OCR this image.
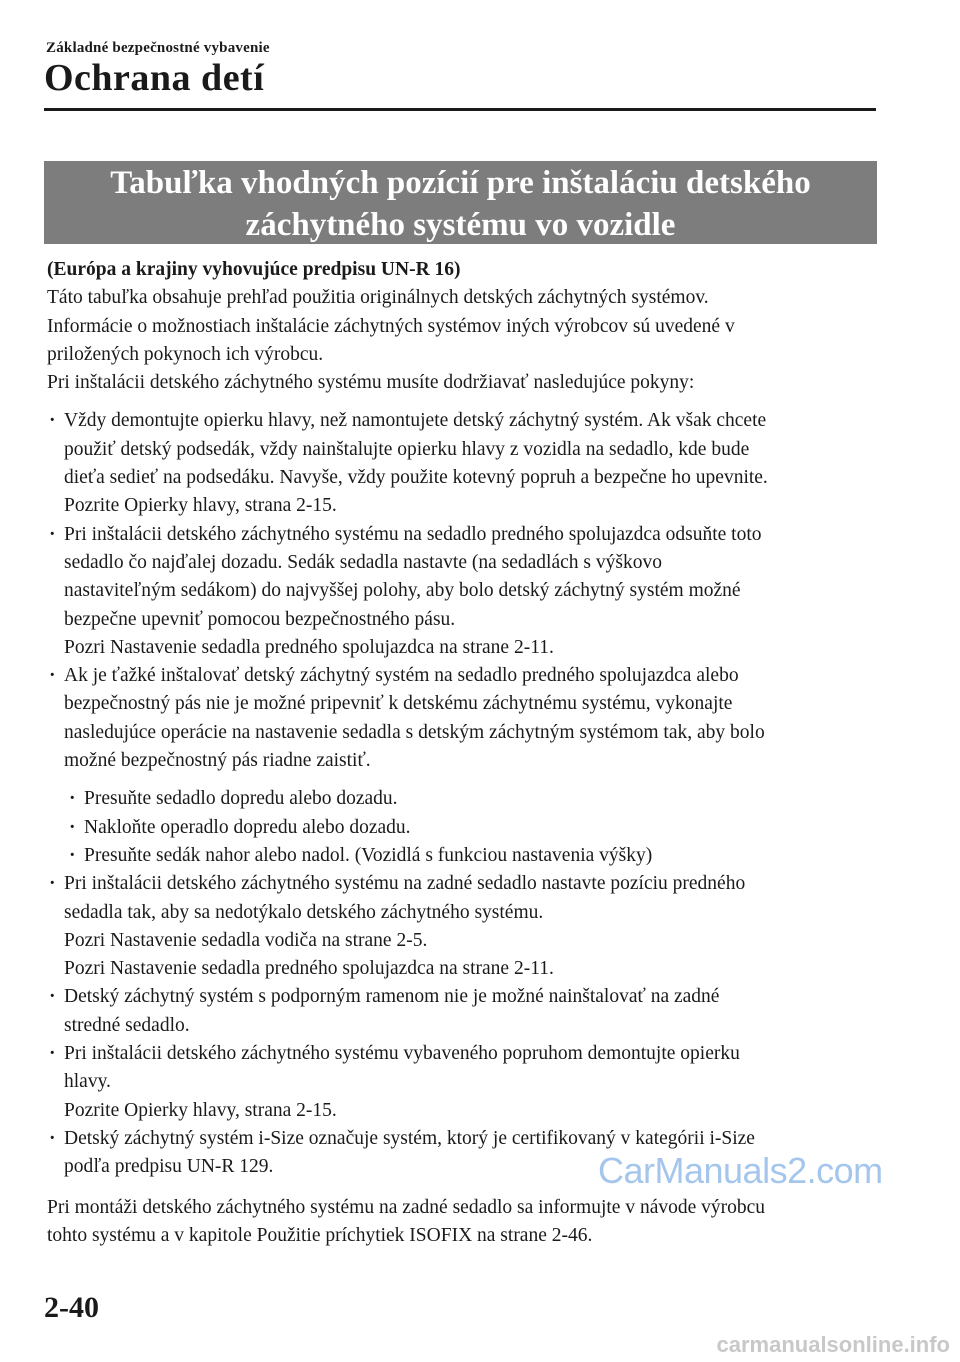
Základné bezpečnostné vybavenie
Ochrana detí
Tabuľka vhodných pozícií pre inštaláciu detského
záchytného systému vo vozidle

(Európa a krajiny vyhovujúce predpisu UN-R 16)

Táto tabuľka obsahuje prehľad použitia originálnych detských záchytných systémov.
Informácie o možnostiach inštalácie záchytných systémov iných výrobcov sú uvedené v
priložených pokynoch ich výrobcu.
Pri inštalácii detského záchytného systému musíte dodržiavať nasledujúce pokyny:
· Vždy demontujte opierku hlavy, než namontujete detský záchytný systém. Ak však chcete
použiť detský podsedák, vždy nainštalujte opierku hlavy z vozidla na sedadlo, kde bude
dieťa sedieť na podsedáku. Navyše, vždy použite kotevný popruh a bezpečne ho upevnite.
Pozrite Opierky hlavy, strana 2-15.
· Pri inštalácii detského záchytného systému na sedadlo predného spolujazdca odsuňte toto
sedadlo čo najďalej dozadu. Sedák sedadla nastavte (na sedadlách s výškovo
nastaviteľným sedákom) do najvyššej polohy, aby bolo detský záchytný systém možné
bezpečne upevniť pomocou bezpečnostného pásu.
Pozri Nastavenie sedadla predného spolujazdca na strane 2-11.
· Ak je ťažké inštalovať detský záchytný systém na sedadlo predného spolujazdca alebo
bezpečnostný pás nie je možné pripevniť k detskému záchytnému systému, vykonajte
nasledujúce operácie na nastavenie sedadla s detským záchytným systémom tak, aby bolo
možné bezpečnostný pás riadne zaistiť.
· Presuňte sedadlo dopredu alebo dozadu.
· Nakloňte operadlo dopredu alebo dozadu.
· Presuňte sedák nahor alebo nadol. (Vozidlá s funkciou nastavenia výšky)
· Pri inštalácii detského záchytného systému na zadné sedadlo nastavte pozíciu predného
sedadla tak, aby sa nedotýkalo detského záchytného systému.
Pozri Nastavenie sedadla vodiča na strane 2-5.
Pozri Nastavenie sedadla predného spolujazdca na strane 2-11.
· Detský záchytný systém s podporným ramenom nie je možné nainštalovať na zadné
stredné sedadlo.
· Pri inštalácii detského záchytného systému vybaveného popruhom demontujte opierku
hlavy.
Pozrite Opierky hlavy, strana 2-15.
· Detský záchytný systém i-Size označuje systém, ktorý je certifikovaný v kategórii i-Size
podľa predpisu UN-R 129.

Pri montáži detského záchytného systému na zadné sedadlo sa informujte v návode výrobcu
tohto systému a v kapitole Použitie príchytiek ISOFIX na strane 2-46.

CarManuals2.com
2-40
carmanualsonline.info
